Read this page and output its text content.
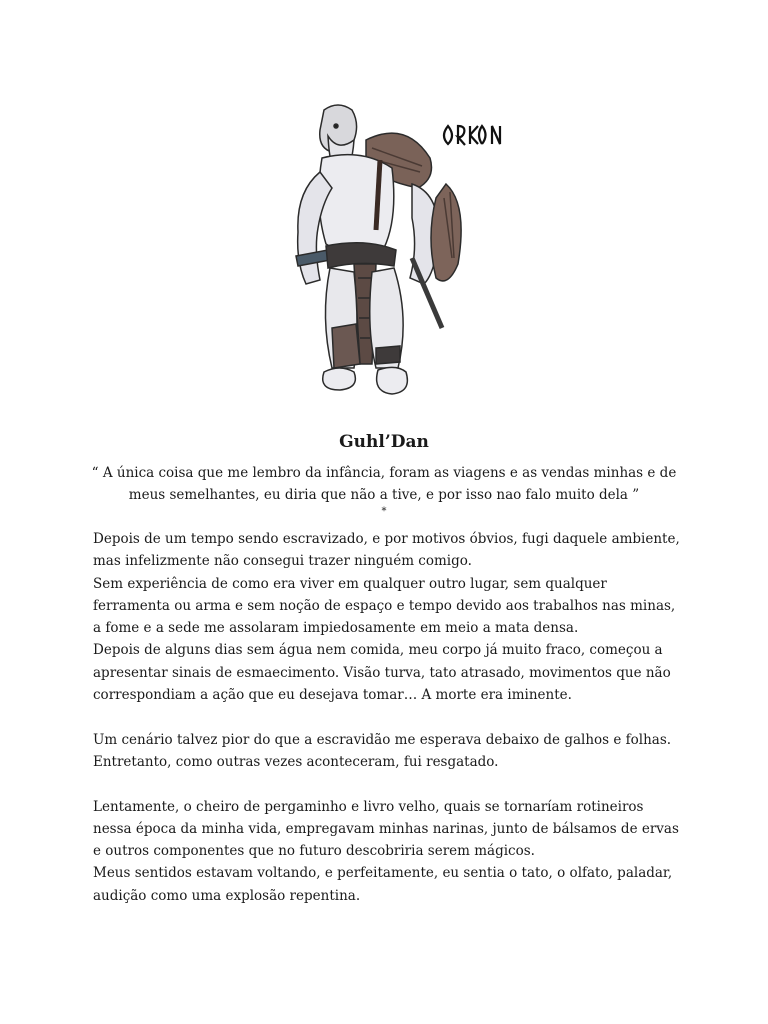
Guhl’Dan
“ A única coisa que me lembro da infância, foram as viagens e as vendas minhas e de meus semelhantes, eu diria que não a tive, e por isso nao falo muito dela ”
*

Depois de um tempo sendo escravizado, e por motivos óbvios, fugi daquele ambiente, mas infelizmente não consegui trazer ninguém comigo.

Sem experiência de como era viver em qualquer outro lugar, sem qualquer ferramenta ou arma e sem noção de espaço e tempo devido aos trabalhos nas minas, a fome e a sede me assolaram impiedosamente em meio a mata densa.

Depois de alguns dias sem água nem comida, meu corpo já muito fraco, começou a apresentar sinais de esmaecimento. Visão turva, tato atrasado, movimentos que não correspondiam a ação que eu desejava tomar… A morte era iminente.

Um cenário talvez pior do que a escravidão me esperava debaixo de galhos e folhas. Entretanto, como outras vezes aconteceram, fui resgatado.

Lentamente, o cheiro de pergaminho e livro velho, quais se tornaríam rotineiros nessa época da minha vida, empregavam minhas narinas, junto de bálsamos de ervas e outros componentes que no futuro descobriria serem mágicos.

Meus sentidos estavam voltando, e perfeitamente, eu sentia o tato, o olfato, paladar, audição como uma explosão repentina.
